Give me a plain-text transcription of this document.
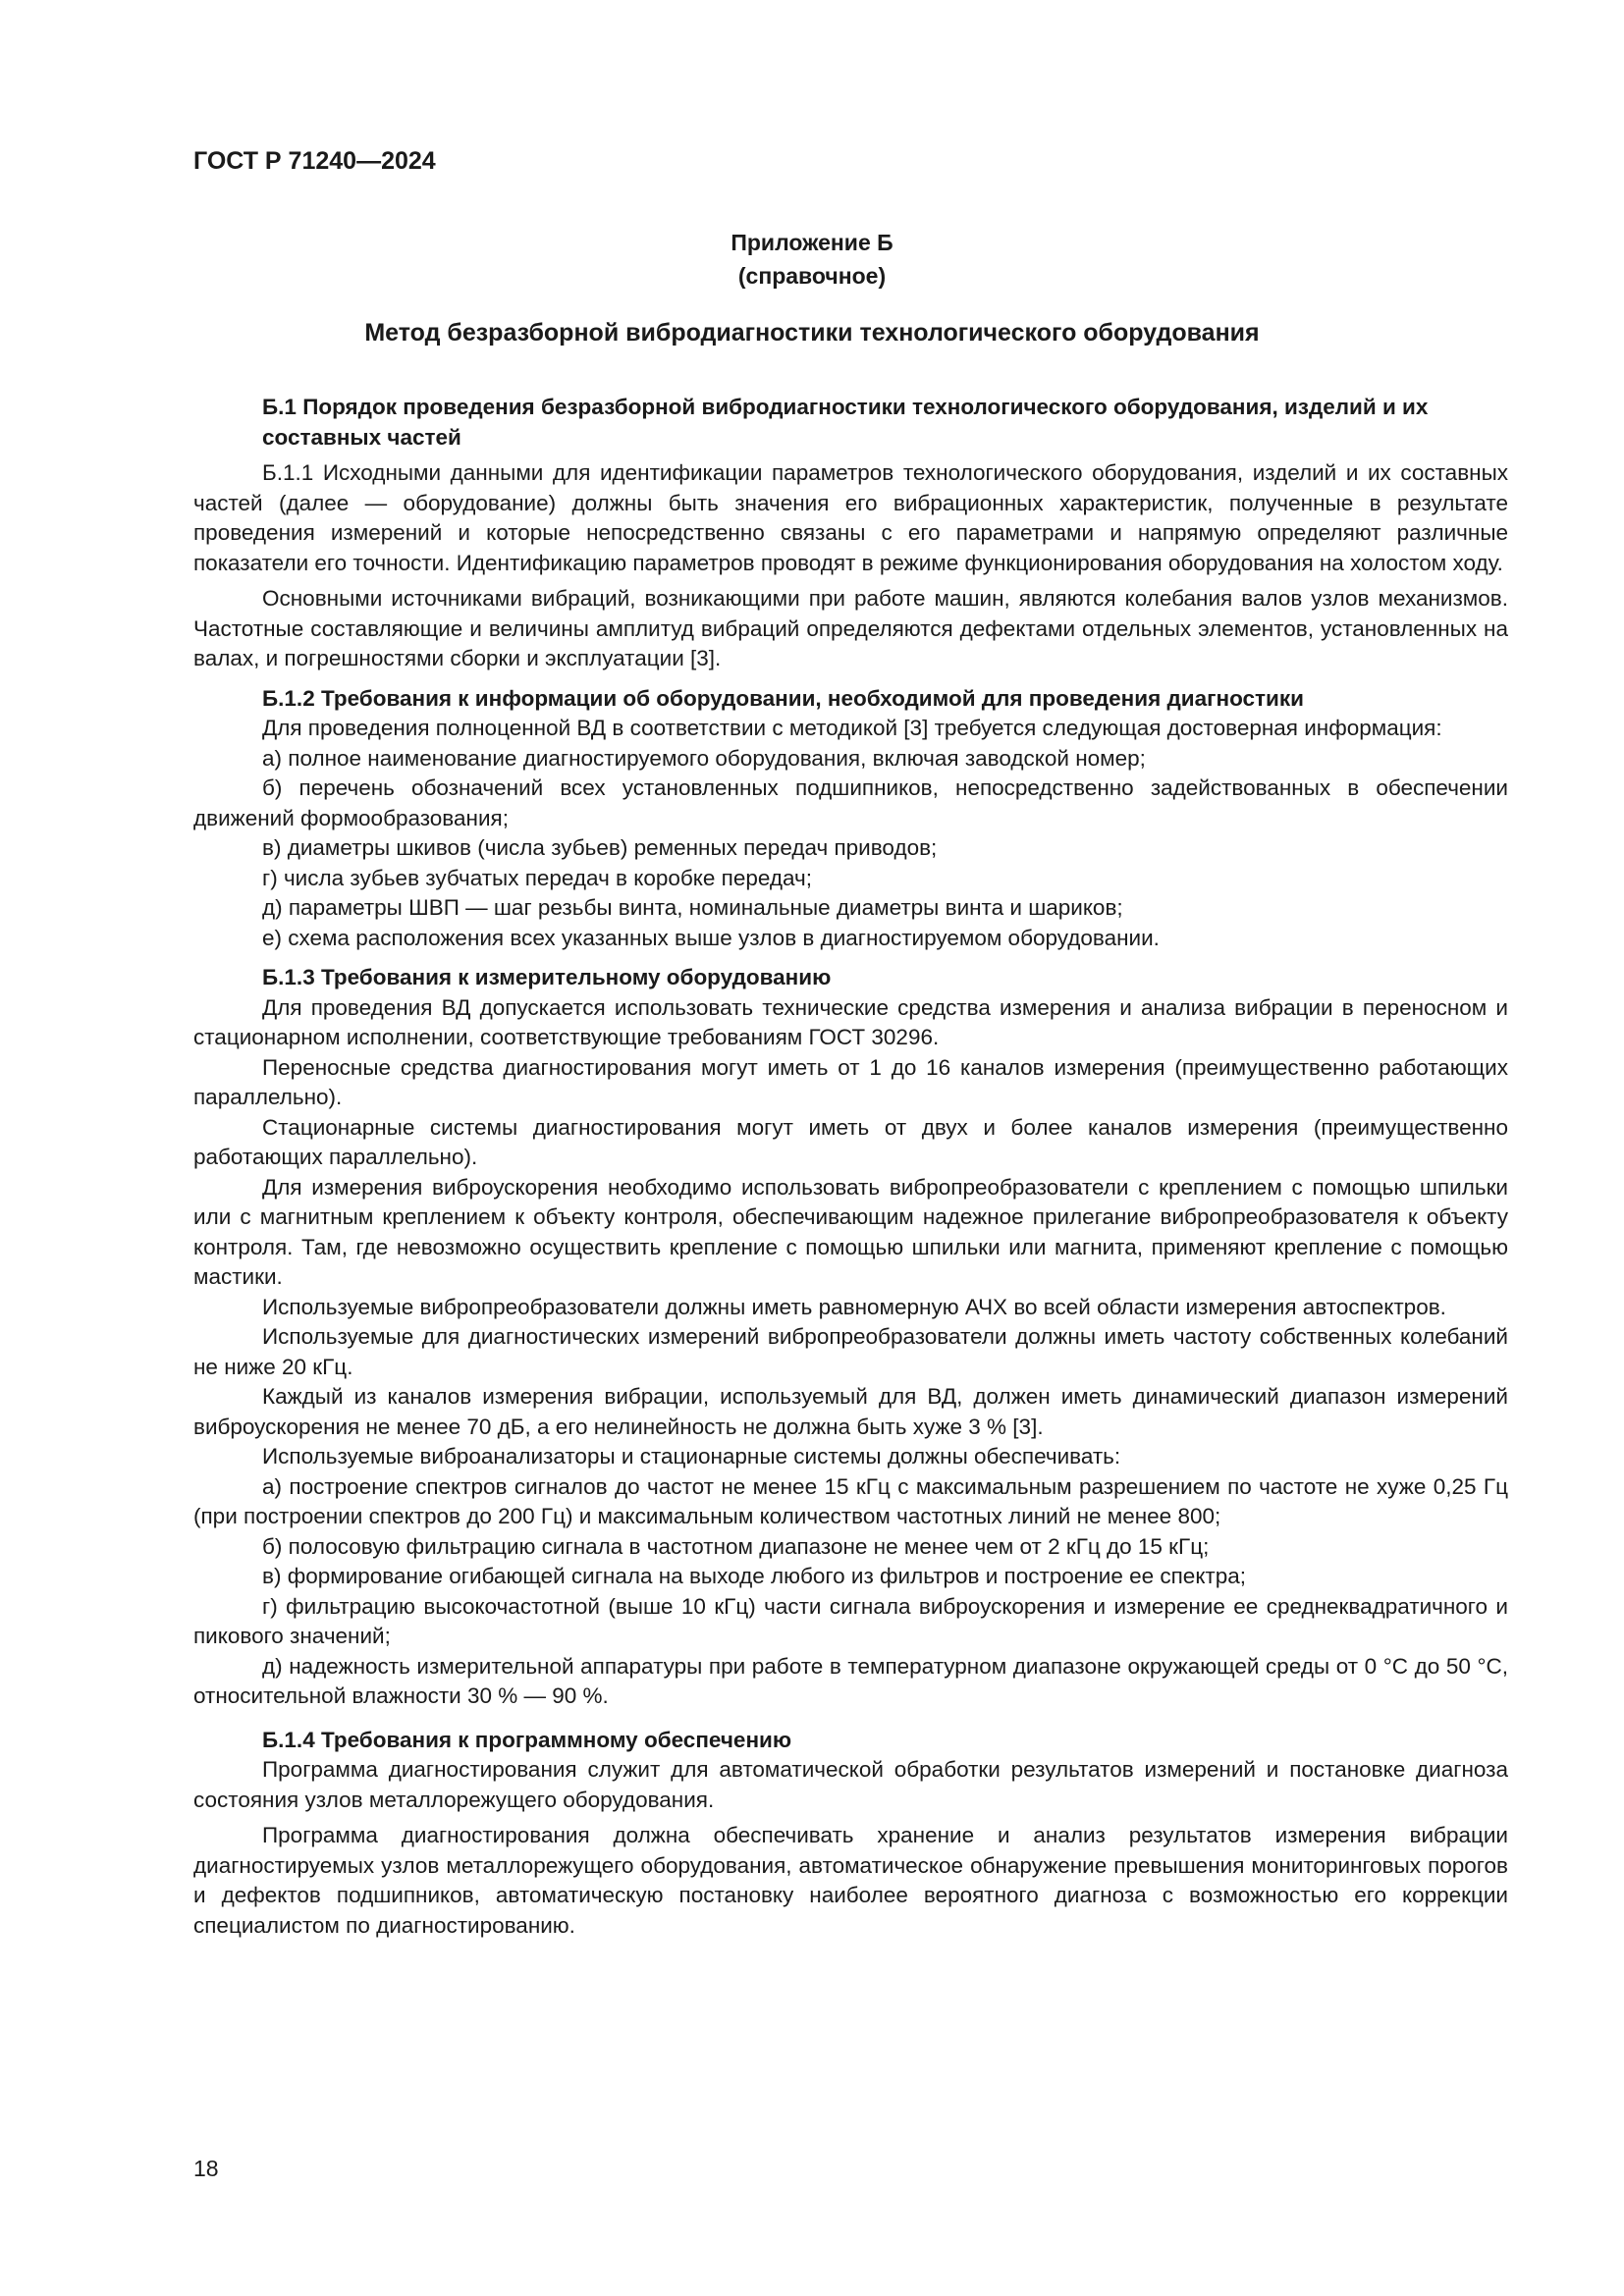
ГОСТ Р 71240—2024
Приложение Б
(справочное)
Метод безразборной вибродиагностики технологического оборудования
Б.1 Порядок проведения безразборной вибродиагностики технологического оборудования, изделий и их составных частей

Б.1.1 Исходными данными для идентификации параметров технологического оборудования, изделий и их составных частей (далее — оборудование) должны быть значения его вибрационных характеристик, полученные в результате проведения измерений и которые непосредственно связаны с его параметрами и напрямую определяют различные показатели его точности. Идентификацию параметров проводят в режиме функционирования оборудования на холостом ходу.

Основными источниками вибраций, возникающими при работе машин, являются колебания валов узлов механизмов. Частотные составляющие и величины амплитуд вибраций определяются дефектами отдельных элементов, установленных на валах, и погрешностями сборки и эксплуатации [3].

Б.1.2 Требования к информации об оборудовании, необходимой для проведения диагностики

Для проведения полноценной ВД в соответствии с методикой [3] требуется следующая достоверная информация:

а) полное наименование диагностируемого оборудования, включая заводской номер;

б) перечень обозначений всех установленных подшипников, непосредственно задействованных в обеспечении движений формообразования;

в) диаметры шкивов (числа зубьев) ременных передач приводов;

г) числа зубьев зубчатых передач в коробке передач;

д) параметры ШВП — шаг резьбы винта, номинальные диаметры винта и шариков;

е) схема расположения всех указанных выше узлов в диагностируемом оборудовании.

Б.1.3 Требования к измерительному оборудованию

Для проведения ВД допускается использовать технические средства измерения и анализа вибрации в переносном и стационарном исполнении, соответствующие требованиям ГОСТ 30296.

Переносные средства диагностирования могут иметь от 1 до 16 каналов измерения (преимущественно работающих параллельно).

Стационарные системы диагностирования могут иметь от двух и более каналов измерения (преимущественно работающих параллельно).

Для измерения виброускорения необходимо использовать вибропреобразователи с креплением с помощью шпильки или с магнитным креплением к объекту контроля, обеспечивающим надежное прилегание вибропреобразователя к объекту контроля. Там, где невозможно осуществить крепление с помощью шпильки или магнита, применяют крепление с помощью мастики.

Используемые вибропреобразователи должны иметь равномерную АЧХ во всей области измерения автоспектров.

Используемые для диагностических измерений вибропреобразователи должны иметь частоту собственных колебаний не ниже 20 кГц.

Каждый из каналов измерения вибрации, используемый для ВД, должен иметь динамический диапазон измерений виброускорения не менее 70 дБ, а его нелинейность не должна быть хуже 3 % [3].

Используемые виброанализаторы и стационарные системы должны обеспечивать:

а) построение спектров сигналов до частот не менее 15 кГц с максимальным разрешением по частоте не хуже 0,25 Гц (при построении спектров до 200 Гц) и максимальным количеством частотных линий не менее 800;

б) полосовую фильтрацию сигнала в частотном диапазоне не менее чем от 2 кГц до 15 кГц;

в) формирование огибающей сигнала на выходе любого из фильтров и построение ее спектра;

г) фильтрацию высокочастотной (выше 10 кГц) части сигнала виброускорения и измерение ее среднеквадратичного и пикового значений;

д) надежность измерительной аппаратуры при работе в температурном диапазоне окружающей среды от 0 °С до 50 °С, относительной влажности 30 % — 90 %.

Б.1.4 Требования к программному обеспечению

Программа диагностирования служит для автоматической обработки результатов измерений и постановке диагноза состояния узлов металлорежущего оборудования.

Программа диагностирования должна обеспечивать хранение и анализ результатов измерения вибрации диагностируемых узлов металлорежущего оборудования, автоматическое обнаружение превышения мониторинговых порогов и дефектов подшипников, автоматическую постановку наиболее вероятного диагноза с возможностью его коррекции специалистом по диагностированию.

18
